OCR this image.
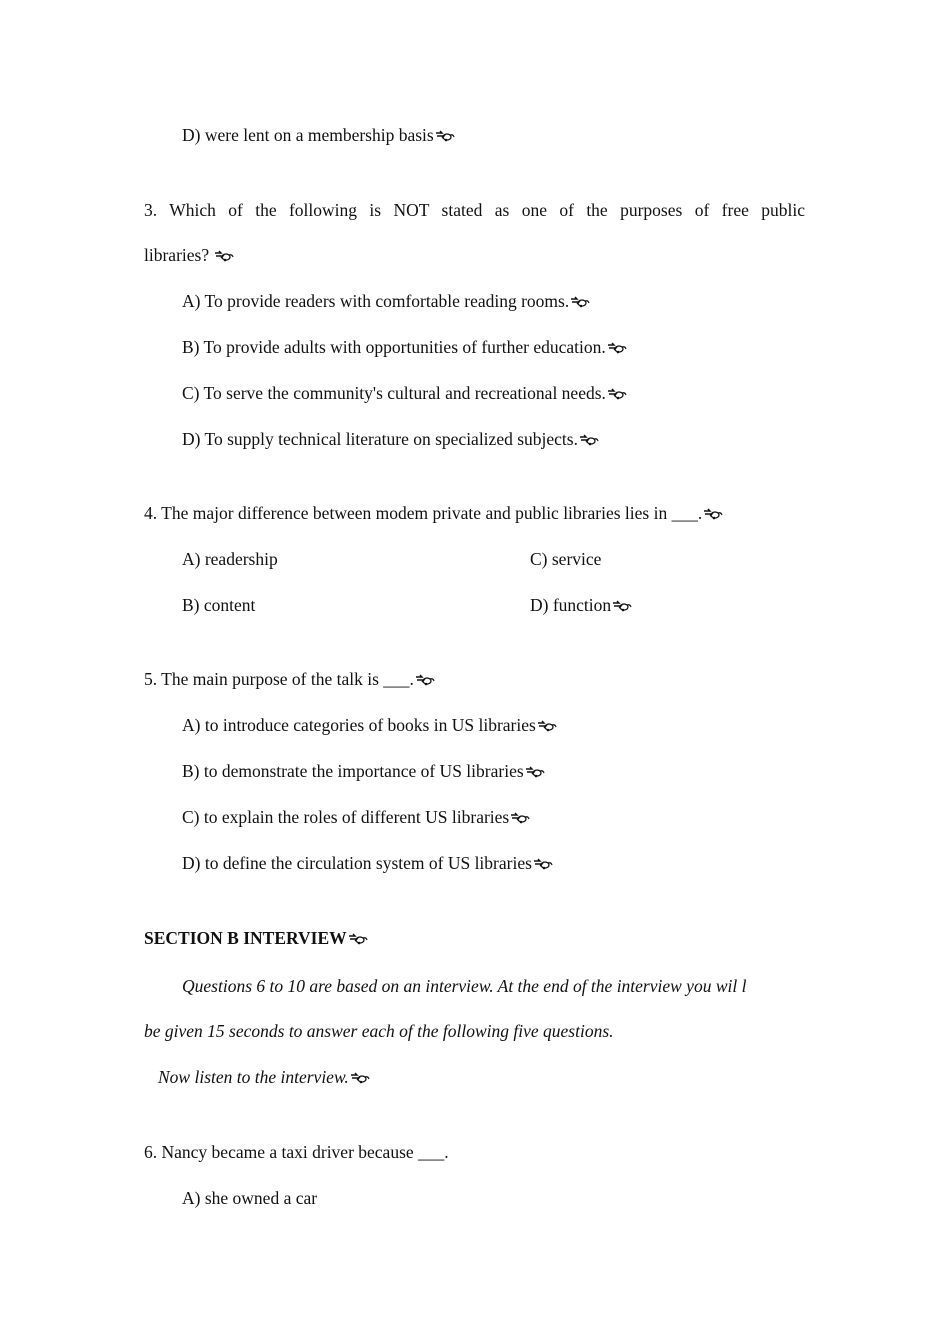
D) were lent on a membership basis
3. Which of the following is NOT stated as one of the purposes of free public
libraries?
A) To provide readers with comfortable reading rooms.
B) To provide adults with opportunities of further education.
C) To serve the community's cultural and recreational needs.
D) To supply technical literature on specialized subjects.
4. The major difference between modem private and public libraries lies in ___.
A) readership	C) service
B) content	D) function
5. The main purpose of the talk is ___.
A) to introduce categories of books in US libraries
B) to demonstrate the importance of US libraries
C) to explain the roles of different US libraries
D) to define the circulation system of US libraries
SECTION B INTERVIEW
Questions 6 to 10 are based on an interview. At the end of the interview you wil l
be given 15 seconds to answer each of the following five questions.
Now listen to the interview.
6. Nancy became a taxi driver because ___.
A) she owned a car
